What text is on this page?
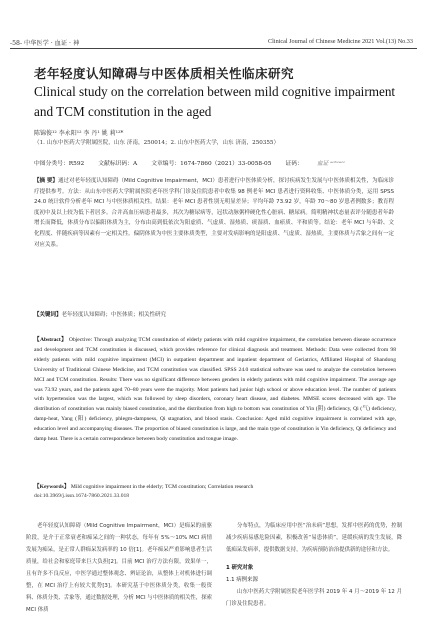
-58- 中华医学 · 血证 · 神	Clinical Journal of Chinese Medicine 2021 Vol.(13) No.33
老年轻度认知障碍与中医体质相关性临床研究
Clinical study on the correlation between mild cognitive impairment and TCM constitution in the aged
陈锦俊¹² 李永阳¹² 李 丹¹ 姚 莉¹²*
（1. 山东中医药大学附属医院，山东 济南，250014；2. 山东中医药大学，山东 济南，250355）
中图分类号：R592 文献标识码：A 文章编号：1674-7860（2021）33-0058-05 证码： 血证 ᵉᶜᵇᶜᵉᶜᶜ
【摘 要】通过对老年轻度认知障碍（Mild Cognitive Impairment，MCI）患者进行中医体质分析，探讨疾病发生发展与中医体质相关性，为临床诊疗提供参考。方法：从山东中医药大学附属医院老年医学科门诊及住院患者中收集 98 例老年 MCI 患者进行资料收集、中医体质分类，运用 SPSS 24.0 统计软件分析老年 MCI 与中医体质相关性。结果：老年 MCI 患者性别无明显差异；平均年龄 73.92 岁，年龄 70～80 岁患者例数多；教育程度初中及以上较为低下者居多。合并高血压病患者最多，其次为糖尿病等，冠状动脉粥样硬化性心脏病、糖尿病。简明精神状态量表评分随患者年龄增长而降低，体质分布以偏阳体质为主，分布由高到低依次为阳虚质、气虚质、湿热质、痰湿质、血瘀质、平和质等。结论：老年 MCI 与年龄、文化程度、伴随疾病等因素有一定相关性。偏阴体质为中医主要体质类型，主要对发病影响的是阳虚质、气虚质、湿热质，主要体质与舌象之间有一定对应关系。
【关键词】老年轻度认知障碍；中医体质；相关性研究
【Abstract】 Objective: Through analyzing TCM constitution of elderly patients with mild cognitive impairment, the correlation between disease occurrence and development and TCM constitution is discussed, which provides reference for clinical diagnosis and treatment. Methods: Data were collected from 98 elderly patients with mild cognitive impairment (MCI) in outpatient department and inpatient department of Geriatrics, Affiliated Hospital of Shandong University of Traditional Chinese Medicine, and TCM constitution was classified. SPSS 24.0 statistical software was used to analyze the correlation between MCI and TCM constitution. Results: There was no significant difference between genders in elderly patients with mild cognitive impairment. The average age was 73.92 years, and the patients aged 70~80 years were the majority. Most patients had junior high school or above education level. The number of patients with hypertension was the largest, which was followed by sleep disorders, coronary heart disease, and diabetes. MMSE scores decreased with age. The distribution of constitution was mainly biased constitution, and the distribution from high to bottom was constitution of Yin (阴) deficiency, Qi (气) deficiency, damp-heat, Yang (阳) deficiency, phlegm-dampness, Qi stagnation, and blood stasis. Conclusion: Aged mild cognitive impairment is correlated with age, education level and accompanying diseases. The proportion of biased constitution is large, and the main type of constitution is Yin deficiency, Qi deficiency and damp heat. There is a certain correspondence between body constitution and tongue image.
【Keywords】 Mild cognitive impairment in the elderly; TCM constitution; Correlation research
doi:10.3969/j.issn.1674-7860.2021.33.018
老年轻度认知障碍（Mild Cognitive Impairment，MCI）是痴呆的前驱阶段，是介于正常衰老和痴呆之间的一种状态，每年有 5%～10% MCI 病情发展为痴呆，是正常人群痴呆发病率的 10 倍[1]。老年痴呆严重影响患者生活质量，给社会和家庭带来巨大负担[2]。目前 MCI 治疗方法有限，效果单一，且有许多不良反应，中医学通过整体观念、辨证论治，从整体上对机体进行调整，在 MCI 治疗上有较大优势[3]。本研究基于中医体质分类，收集一般资料、体质分类、舌象等，通过数据处理，分析 MCI 与中医体质的相关性，探索 MCI 体质
分布特点，为临床应用中医“治未病”思想，发挥中医药的优势，控制减少疾病易感危险因素，积极改善“易患体质”，延缓疾病的发生发展，降低痴呆发病率，提供数据支持，为疾病预防治治提供新的途径和方法。
1 研究对象
1.1 病例来源
山东中医药大学附属医院老年医学科 2019 年 4 月～2019 年 12 月门诊及住院患者。
